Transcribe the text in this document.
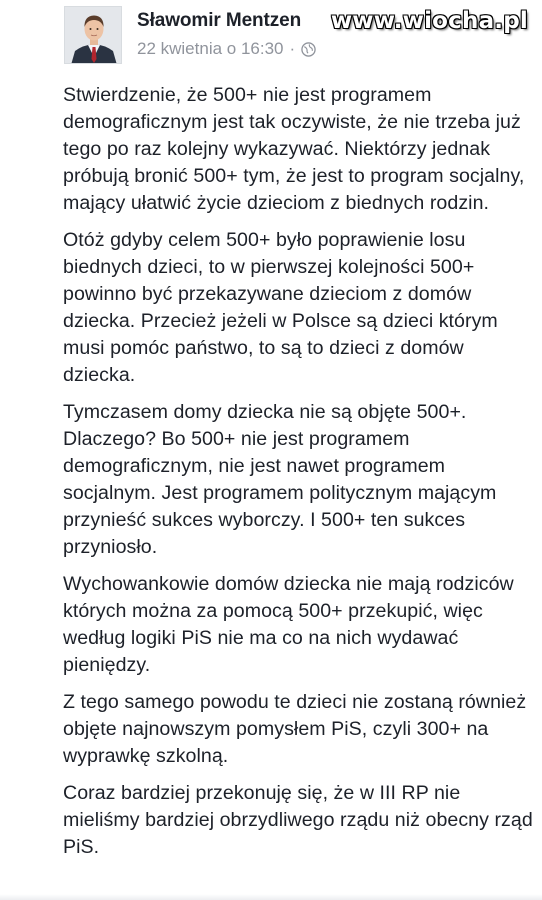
Sławomir Mentzen
22 kwietnia o 16:30 ·
www.wiocha.pl

Stwierdzenie, że 500+ nie jest programem demograficznym jest tak oczywiste, że nie trzeba już tego po raz kolejny wykazywać. Niektórzy jednak próbują bronić 500+ tym, że jest to program socjalny, mający ułatwić życie dzieciom z biednych rodzin.

Otóż gdyby celem 500+ było poprawienie losu biednych dzieci, to w pierwszej kolejności 500+ powinno być przekazywane dzieciom z domów dziecka. Przecież jeżeli w Polsce są dzieci którym musi pomóc państwo, to są to dzieci z domów dziecka.

Tymczasem domy dziecka nie są objęte 500+. Dlaczego? Bo 500+ nie jest programem demograficznym, nie jest nawet programem socjalnym. Jest programem politycznym mającym przynieść sukces wyborczy. I 500+ ten sukces przyniosło.

Wychowankowie domów dziecka nie mają rodziców których można za pomocą 500+ przekupić, więc według logiki PiS nie ma co na nich wydawać pieniędzy.

Z tego samego powodu te dzieci nie zostaną również objęte najnowszym pomysłem PiS, czyli 300+ na wyprawkę szkolną.

Coraz bardziej przekonuję się, że w III RP nie mieliśmy bardziej obrzydliwego rządu niż obecny rząd PiS.
